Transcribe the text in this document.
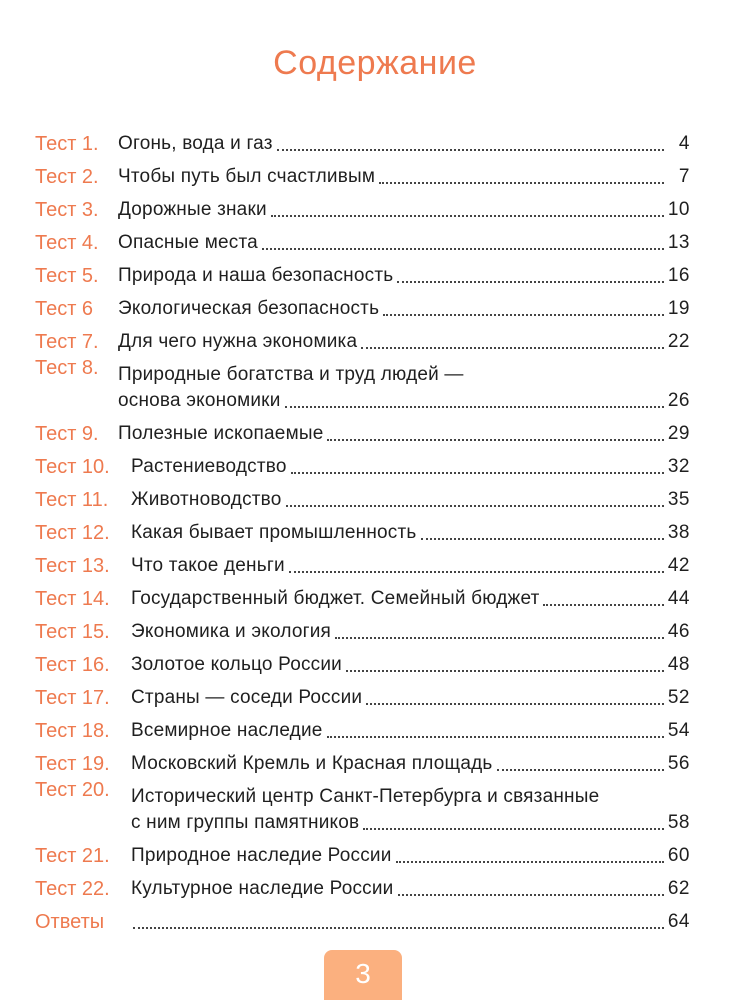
Содержание
Тест 1.	Огонь, вода и газ	4
Тест 2.	Чтобы путь был счастливым	7
Тест 3.	Дорожные знаки	10
Тест 4.	Опасные места	13
Тест 5.	Природа и наша безопасность	16
Тест 6	Экологическая безопасность	19
Тест 7.	Для чего нужна экономика	22
Тест 8.	Природные богатства и труд людей —
основа экономики	26
Тест 9.	Полезные ископаемые	29
Тест 10.	Растениеводство	32
Тест 11.	Животноводство	35
Тест 12.	Какая бывает промышленность	38
Тест 13.	Что такое деньги	42
Тест 14.	Государственный бюджет. Семейный бюджет	44
Тест 15.	Экономика и экология	46
Тест 16.	Золотое кольцо России	48
Тест 17.	Страны — соседи России	52
Тест 18.	Всемирное наследие	54
Тест 19.	Московский Кремль и Красная площадь	56
Тест 20.	Исторический центр Санкт-Петербурга и связанные
с ним группы памятников	58
Тест 21.	Природное наследие России	60
Тест 22.	Культурное наследие России	62
Ответы	64
3
